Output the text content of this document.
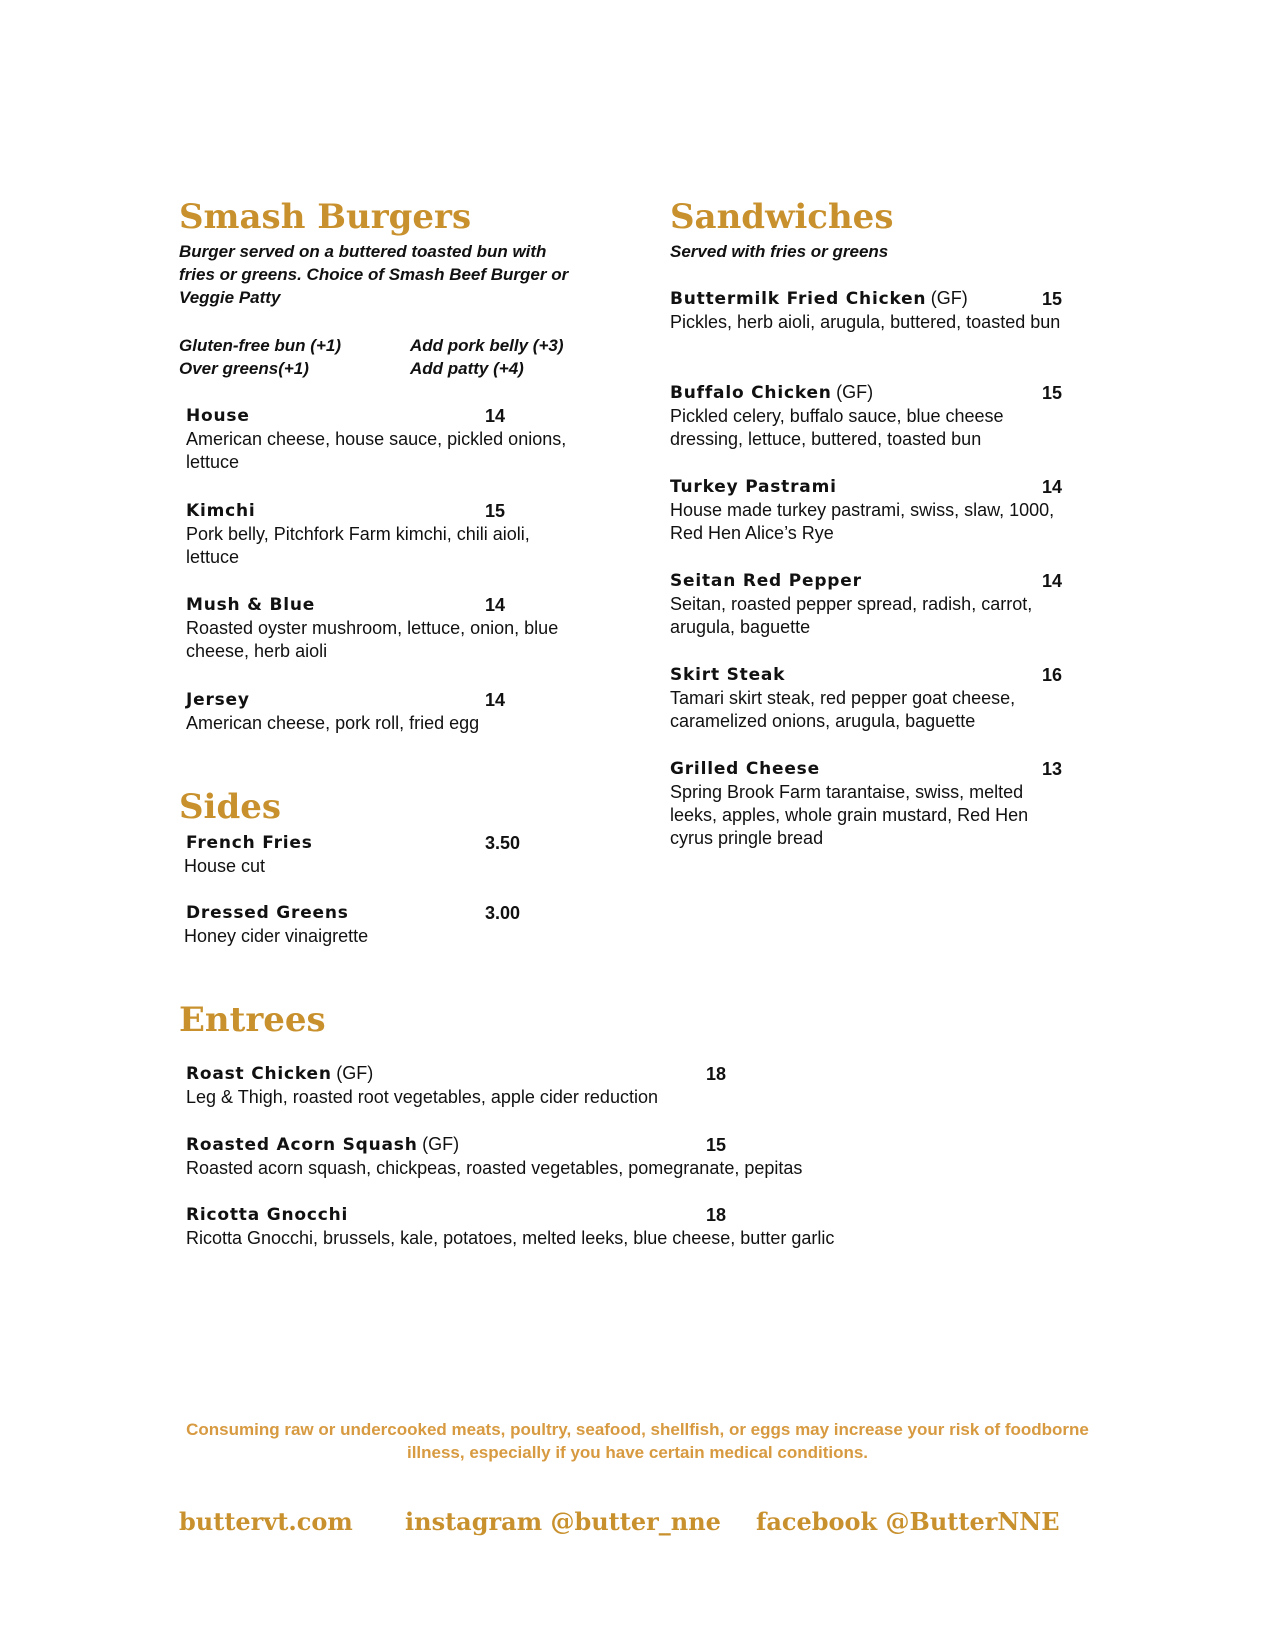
Smash Burgers

Burger served on a buttered toasted bun with fries or greens. Choice of Smash Beef Burger or Veggie Patty

Gluten-free bun (+1)
Over greens(+1)
Add pork belly (+3)
Add patty (+4)
House	14

American cheese, house sauce, pickled onions, lettuce

Kimchi	15

Pork belly, Pitchfork Farm kimchi, chili aioli, lettuce

Mush & Blue	14

Roasted oyster mushroom, lettuce, onion, blue cheese, herb aioli

Jersey	14

American cheese, pork roll, fried egg

Sides
French Fries	3.50

House cut

Dressed Greens	3.00

Honey cider vinaigrette

Sandwiches

Served with fries or greens

Buttermilk Fried Chicken (GF)	15

Pickles, herb aioli, arugula, buttered, toasted bun

Buffalo Chicken (GF)	15

Pickled celery, buffalo sauce, blue cheese dressing, lettuce, buttered, toasted bun

Turkey Pastrami	14

House made turkey pastrami, swiss, slaw, 1000, Red Hen Alice’s Rye

Seitan Red Pepper	14

Seitan, roasted pepper spread, radish, carrot, arugula, baguette

Skirt Steak	16

Tamari skirt steak, red pepper goat cheese, caramelized onions, arugula, baguette

Grilled Cheese	13

Spring Brook Farm tarantaise, swiss, melted leeks, apples, whole grain mustard, Red Hen cyrus pringle bread

Entrees
Roast Chicken (GF)	18

Leg & Thigh, roasted root vegetables, apple cider reduction

Roasted Acorn Squash (GF)	15

Roasted acorn squash, chickpeas, roasted vegetables, pomegranate, pepitas

Ricotta Gnocchi	18

Ricotta Gnocchi, brussels, kale, potatoes, melted leeks, blue cheese, butter garlic

Consuming raw or undercooked meats, poultry, seafood, shellfish, or eggs may increase your risk of foodborne illness, especially if you have certain medical conditions.

buttervt.com instagram @butter_nne facebook @ButterNNE
